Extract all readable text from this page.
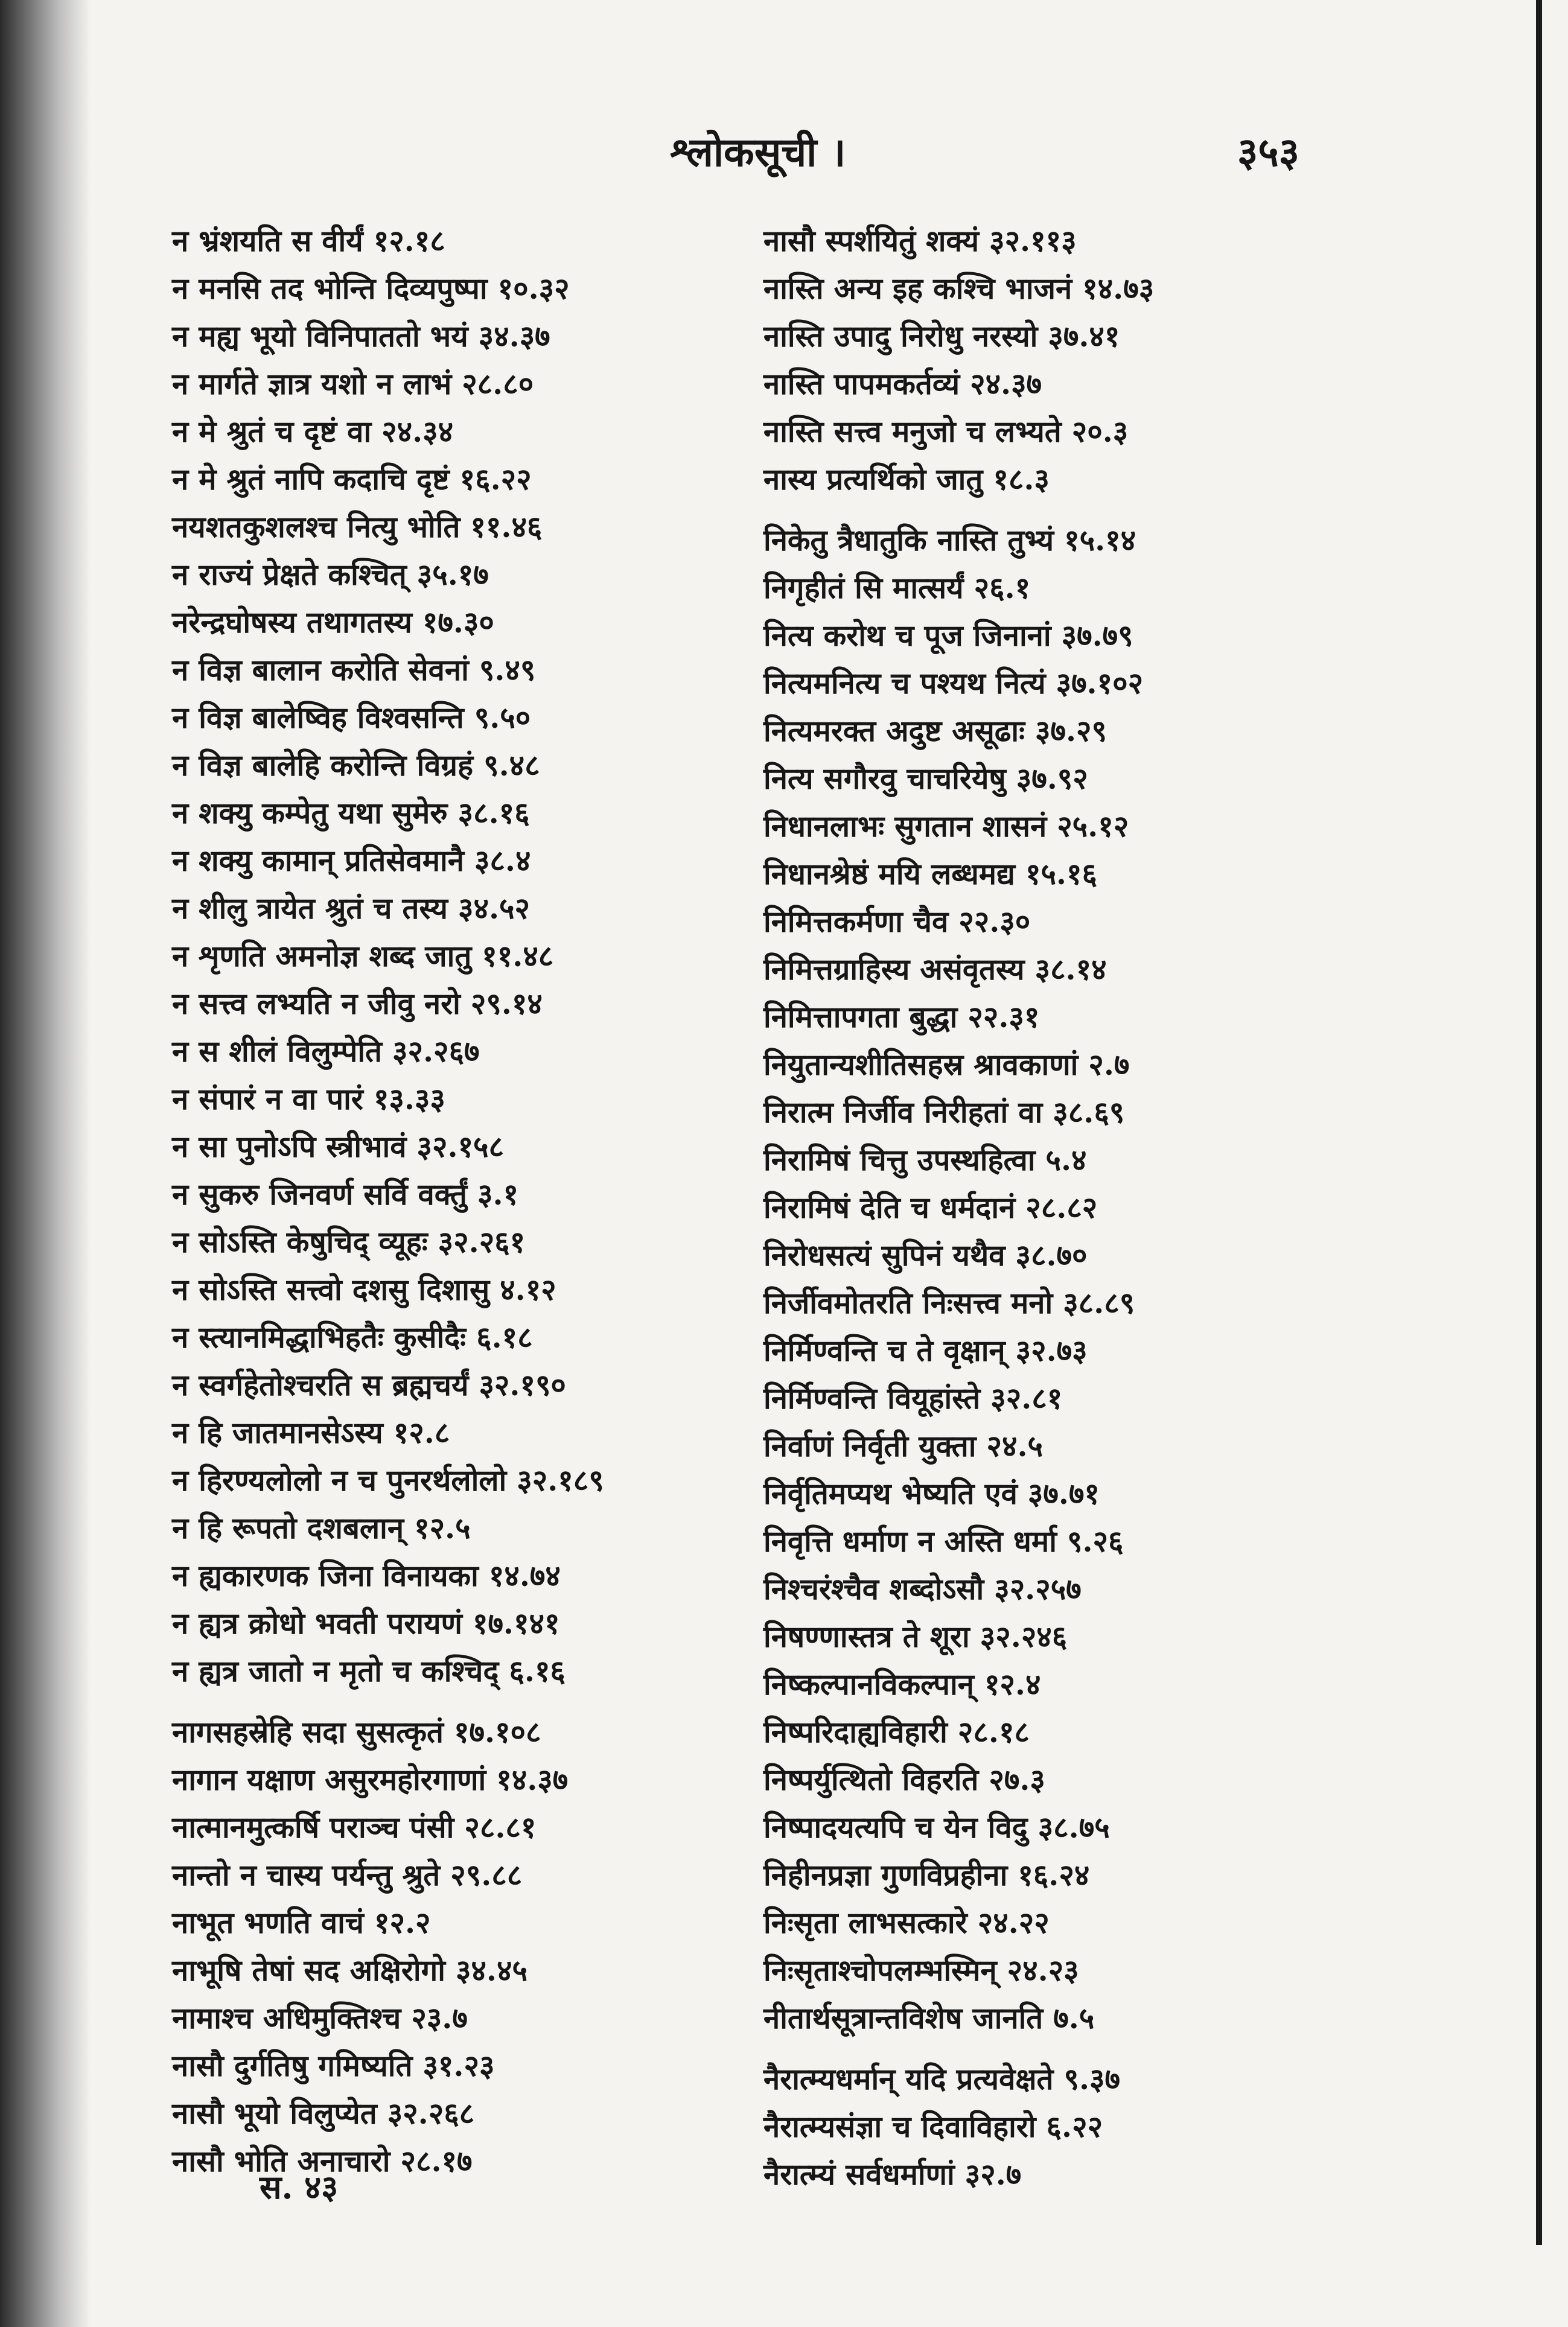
श्लोकसूची ।	३५३
न भ्रंशयति स वीर्यं १२.१८
न मनसि तद भोन्ति दिव्यपुष्पा १०.३२
न मह्य भूयो विनिपाततो भयं ३४.३७
न मार्गते ज्ञात्र यशो न लाभं २८.८०
न मे श्रुतं च दृष्टं वा २४.३४
न मे श्रुतं नापि कदाचि दृष्टं १६.२२
नयशतकुशलश्च नित्यु भोति ११.४६
न राज्यं प्रेक्षते कश्चित् ३५.१७
नरेन्द्रघोषस्य तथागतस्य १७.३०
न विज्ञ बालान करोति सेवनां ९.४९
न विज्ञ बालेष्विह विश्वसन्ति ९.५०
न विज्ञ बालेहि करोन्ति विग्रहं ९.४८
न शक्यु कम्पेतु यथा सुमेरु ३८.१६
न शक्यु कामान् प्रतिसेवमानै ३८.४
न शीलु त्रायेत श्रुतं च तस्य ३४.५२
न शृणति अमनोज्ञ शब्द जातु ११.४८
न सत्त्व लभ्यति न जीवु नरो २९.१४
न स शीलं विलुम्पेति ३२.२६७
न संपारं न वा पारं १३.३३
न सा पुनोऽपि स्त्रीभावं ३२.१५८
न सुकरु जिनवर्ण सर्वि वर्क्तुं ३.१
न सोऽस्ति केषुचिद् व्यूहः ३२.२६१
न सोऽस्ति सत्त्वो दशसु दिशासु ४.१२
न स्त्यानमिद्धाभिहतैः कुसीदैः ६.१८
न स्वर्गहेतोश्चरति स ब्रह्मचर्यं ३२.१९०
न हि जातमानसेऽस्य १२.८
न हिरण्यलोलो न च पुनरर्थलोलो ३२.१८९
न हि रूपतो दशबलान् १२.५
न ह्यकारणक जिना विनायका १४.७४
न ह्यत्र क्रोधो भवती परायणं १७.१४१
न ह्यत्र जातो न मृतो च कश्चिद् ६.१६
नागसहस्रेहि सदा सुसत्कृतं १७.१०८
नागान यक्षाण असुरमहोरगाणां १४.३७
नात्मानमुत्कर्षि पराञ्च पंसी २८.८१
नान्तो न चास्य पर्यन्तु श्रुते २९.८८
नाभूत भणति वाचं १२.२
नाभूषि तेषां सद अक्षिरोगो ३४.४५
नामाश्च अधिमुक्तिश्च २३.७
नासौ दुर्गतिषु गमिष्यति ३१.२३
नासौ भूयो विलुप्येत ३२.२६८
नासौ भोति अनाचारो २८.१७
नासौ स्पर्शयितुं शक्यं ३२.११३
नास्ति अन्य इह कश्चि भाजनं १४.७३
नास्ति उपादु निरोधु नरस्यो ३७.४१
नास्ति पापमकर्तव्यं २४.३७
नास्ति सत्त्व मनुजो च लभ्यते २०.३
नास्य प्रत्यर्थिको जातु १८.३
निकेतु त्रैधातुकि नास्ति तुभ्यं १५.१४
निगृहीतं सि मात्सर्यं २६.१
नित्य करोथ च पूज जिनानां ३७.७९
नित्यमनित्य च पश्यथ नित्यं ३७.१०२
नित्यमरक्त अदुष्ट असूढाः ३७.२९
नित्य सगौरवु चाचरियेषु ३७.९२
निधानलाभः सुगतान शासनं २५.१२
निधानश्रेष्ठं मयि लब्धमद्य १५.१६
निमित्तकर्मणा चैव २२.३०
निमित्तग्राहिस्य असंवृतस्य ३८.१४
निमित्तापगता बुद्धा २२.३१
नियुतान्यशीतिसहस्र श्रावकाणां २.७
निरात्म निर्जीव निरीहतां वा ३८.६९
निरामिषं चित्तु उपस्थहित्वा ५.४
निरामिषं देति च धर्मदानं २८.८२
निरोधसत्यं सुपिनं यथैव ३८.७०
निर्जीवमोतरति निःसत्त्व मनो ३८.८९
निर्मिण्वन्ति च ते वृक्षान् ३२.७३
निर्मिण्वन्ति वियूहांस्ते ३२.८१
निर्वाणं निर्वृती युक्ता २४.५
निर्वृतिमप्यथ भेष्यति एवं ३७.७१
निवृत्ति धर्माण न अस्ति धर्मा ९.२६
निश्चरंश्चैव शब्दोऽसौ ३२.२५७
निषण्णास्तत्र ते शूरा ३२.२४६
निष्कल्पानविकल्पान् १२.४
निष्परिदाह्यविहारी २८.१८
निष्पर्युत्थितो विहरति २७.३
निष्पादयत्यपि च येन विदु ३८.७५
निहीनप्रज्ञा गुणविप्रहीना १६.२४
निःसृता लाभसत्कारे २४.२२
निःसृताश्चोपलम्भस्मिन् २४.२३
नीतार्थसूत्रान्तविशेष जानति ७.५
नैरात्म्यधर्मान् यदि प्रत्यवेक्षते ९.३७
नैरात्म्यसंज्ञा च दिवाविहारो ६.२२
नैरात्म्यं सर्वधर्माणां ३२.७
स. ४३
